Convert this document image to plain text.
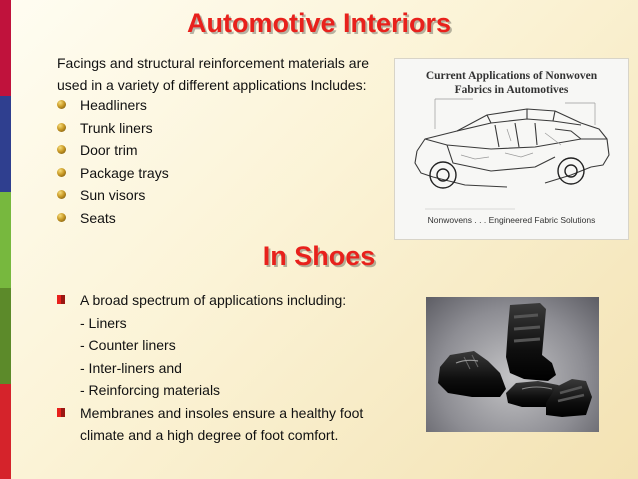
Automotive Interiors
Facings and structural reinforcement materials are used in a variety of different applications Includes:
Headliners
Trunk liners
Door trim
Package trays
Sun visors
Seats
Current Applications of Nonwoven
Fabrics in Automotives
Nonwovens . . . Engineered Fabric Solutions
In Shoes
A broad spectrum of applications including:
- Liners
- Counter liners
- Inter-liners and
- Reinforcing materials
Membranes and insoles ensure a healthy foot climate and a high degree of foot comfort.
